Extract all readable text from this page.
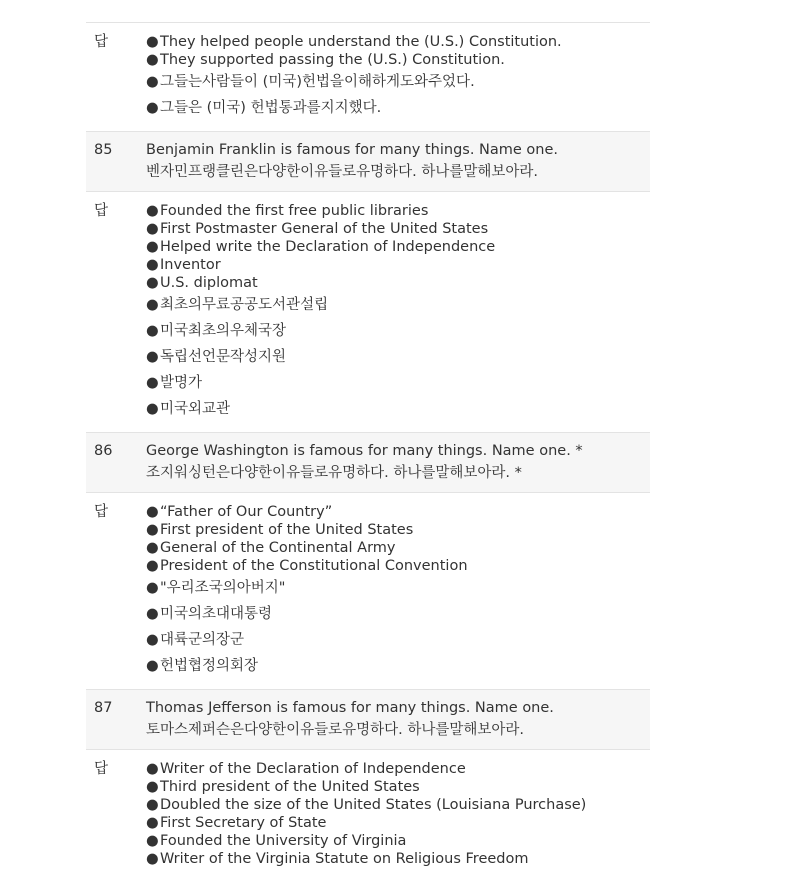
답	●They helped people understand the (U.S.) Constitution.
●They supported passing the (U.S.) Constitution.
●그들는사람들이 (미국)헌법을이해하게도와주었다.
●그들은 (미국) 헌법통과를지지했다.
85	Benjamin Franklin is famous for many things. Name one.
벤자민프랭클린은다양한이유들로유명하다. 하나를말해보아라.
답	●Founded the first free public libraries
●First Postmaster General of the United States
●Helped write the Declaration of Independence
●Inventor
●U.S. diplomat
●최초의무료공공도서관설립
●미국최초의우체국장
●독립선언문작성지원
●발명가
●미국외교관
86	George Washington is famous for many things. Name one. *
조지워싱턴은다양한이유들로유명하다. 하나를말해보아라. *
답	●“Father of Our Country”
●First president of the United States
●General of the Continental Army
●President of the Constitutional Convention
●"우리조국의아버지"
●미국의초대대통령
●대륙군의장군
●헌법협정의회장
87	Thomas Jefferson is famous for many things. Name one.
토마스제퍼슨은다양한이유들로유명하다. 하나를말해보아라.
답	●Writer of the Declaration of Independence
●Third president of the United States
●Doubled the size of the United States (Louisiana Purchase)
●First Secretary of State
●Founded the University of Virginia
●Writer of the Virginia Statute on Religious Freedom
